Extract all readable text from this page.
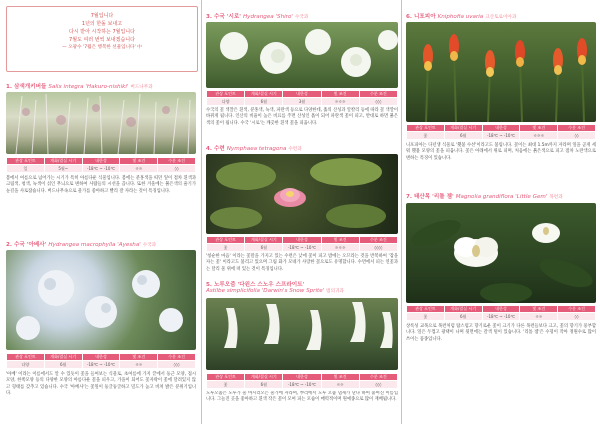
7월입니다
1년의 한돌 보내고
다시 받아 시작하는 7월입니다
7월도 여러 번씩 보내겠습니다
— 오광수 '7월은 행복한 선물입니다' 中
1. 삼색개키버들 Salix integra 'Hakuro-nishiki' 버드나무과
관상 포인트	개화/결실 시기	내한성	빛 조건	수분 조건
잎	5월~	-18℃ ~ -10℃	☼☼	◊◊
봄에서 여름으로 넘어가는 시기가 특히 아름다운 식물입니다. 봄에는 분홍색을 띠던 잎이 점차 흰색과 크림색, 청색, 녹색이 섞인 무늬으로 변하여 사람들의 시선을 끕니다. 또한 겨울에는 붉은색의 줄기가 눈길을 사로잡습니다. 버드나무속으로 물가를 좋아하고 빨리 잘 자라는 것이 특징입니다.
2. 수국 '아베사' Hydrangea macrophylla 'Ayesha' 수국과
관상 포인트	개화/결실 시기	내한성	빛 조건	수분 조건
다양	6월	-18℃ ~ -10℃	☼☼	◊◊◊
'아베' 이라는 이름에서도 알 수 있듯이 꽃을 들여보는 식물로, 초여름에 가지 끝에서 둥근 모양, 접시모양, 한쪽모양 등의 다양한 모양의 아름다운 꽃을 피우고, 가을이 되어도 꽃자락이 꽃에 달려있지 않고 형태를 갖추고 있습니다. 수국 '아베사'는 꽃잎이 둥글둥글하고 밀도가 높고 비쳐 밝은 분위기입니다.
3. 수국 '시로' Hydrangea 'Shiro' 수국과
관상 포인트	개화/결실 시기	내한성	빛 조건	수분 조건
다양	6월	3월	☼☼☼	◊◊◊
수국의 꽃 색깔은 흰색, 분홍색, 녹색, 파란색 등으로 다양한데, 흙의 산성과 알칼리 등에 따라 꽃 색깔이 바뀌게 됩니다. 인산의 비율이 높은 비료를 주면 산성인 흙이 되어 파란색 꽃이 피고, 반대로 하면 붉은색의 꽃이 핍니다. 수국 '시로'는 깨끗한 흰색 꽃을 피웁니다.
4. 수련 Nymphaea tetragona 수련과
관상 포인트	개화/결실 시기	내한성	빛 조건	수분 조건
꽃	6월	-18℃ ~ -10℃	☼☼☼	◊◊◊◊
'청순한 마음' 이라는 꽃말을 가지고 있는 수련은 낮에 꽃이 피고 밤에는 오므라는 것을 반복하여 '잠을 자는 꽃' 이라고도 불리고 있으며 그림 화가 모네가 사랑한 꽃으로도 유명합니다. 수면에서 피는 연꽃과는 달리 물 위에 떠 있는 것이 특징입니다.
5. 노루오줌 '다윈스 스노우 스프라이트'
Astilbe simplicifolia 'Darwin's Snow Sprite' 범의귀과
관상 포인트	개화/결실 시기	내한성	빛 조건	수분 조건
꽃	6월	-18℃ ~ -10℃	☼☼	◊◊◊
노루오줌은 노루가 물 마시러오는 물가에 자라며, 뿌리에서 노루 오줌 냄새가 난다 하여 붙여진 이름입니다. 그늘진 곳을 좋아하고 흰색 작은 꽃이 모여 피는 모습이 매력적이며 원예종으로 많이 재배됩니다.
6. 니포피아 Kniphofia uvaria 크산토로이아과
관상 포인트	개화/결실 시기	내한성	빛 조건	수분 조건
꽃	6월	-18℃ ~ -10℃	☼☼☼	◊◊
니포피아는 다년생 식물로 '횃불 수선'이라고도 불립니다. 꽃이는 최대 1.5m까지 자라며 잎을 곧게 세워 횃불 모양의 꽃을 피웁니다. 꽃은 아래에서 위로 피며, 처음에는 붉은색으로 피고 점차 노란색으로 변하는 특징이 있습니다.
7. 태산목 '리틀 젬' Magnolia grandiflora 'Little Gem' 목련과
관상 포인트	개화/결실 시기	내한성	빛 조건	수분 조건
꽃	6월	-18℃ ~ -10℃	☼☼	◊◊
상록성 교목으로 목련처럼 탐스럽고 향기로운 꽃이 크기가 다른 목련들보다 크고, 꽃의 향기가 풍부합니다. 잎은 두껍고 광택이 나며 뒷면에는 갈색 털이 있습니다. '리틀 젬'은 수형이 작아 정원수로 많이 쓰이는 품종입니다.
